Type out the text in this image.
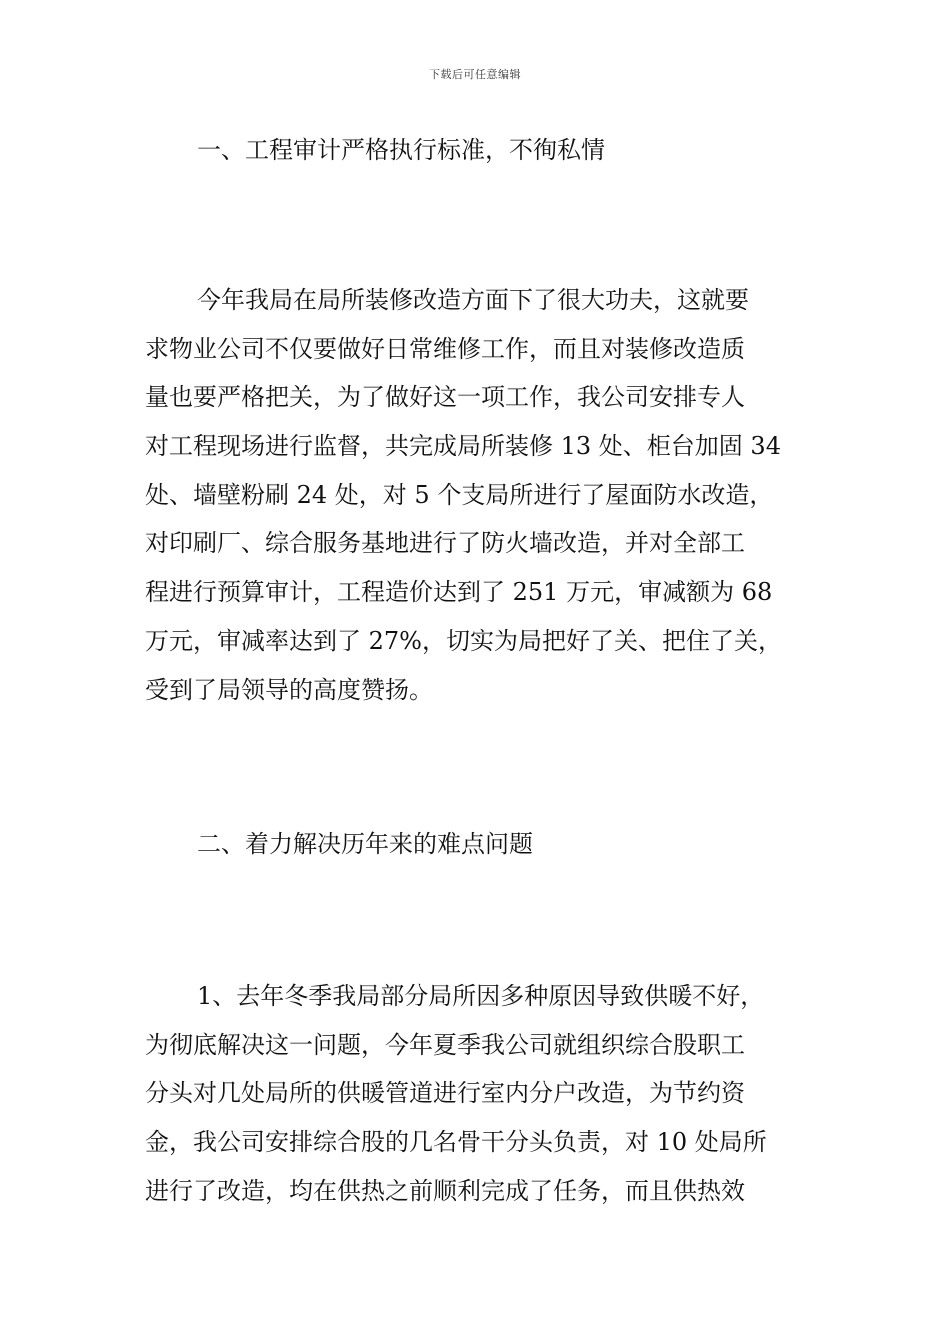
下载后可任意编辑
一、工程审计严格执行标准，不徇私情
今年我局在局所装修改造方面下了很大功夫，这就要
求物业公司不仅要做好日常维修工作，而且对装修改造质
量也要严格把关，为了做好这一项工作，我公司安排专人
对工程现场进行监督，共完成局所装修 13 处、柜台加固 34
处、墙壁粉刷 24 处，对 5 个支局所进行了屋面防水改造，
对印刷厂、综合服务基地进行了防火墙改造，并对全部工
程进行预算审计，工程造价达到了 251 万元，审减额为 68
万元，审减率达到了 27%，切实为局把好了关、把住了关，
受到了局领导的高度赞扬。
二、着力解决历年来的难点问题
1、去年冬季我局部分局所因多种原因导致供暖不好，
为彻底解决这一问题，今年夏季我公司就组织综合股职工
分头对几处局所的供暖管道进行室内分户改造，为节约资
金，我公司安排综合股的几名骨干分头负责，对 10 处局所
进行了改造，均在供热之前顺利完成了任务，而且供热效
